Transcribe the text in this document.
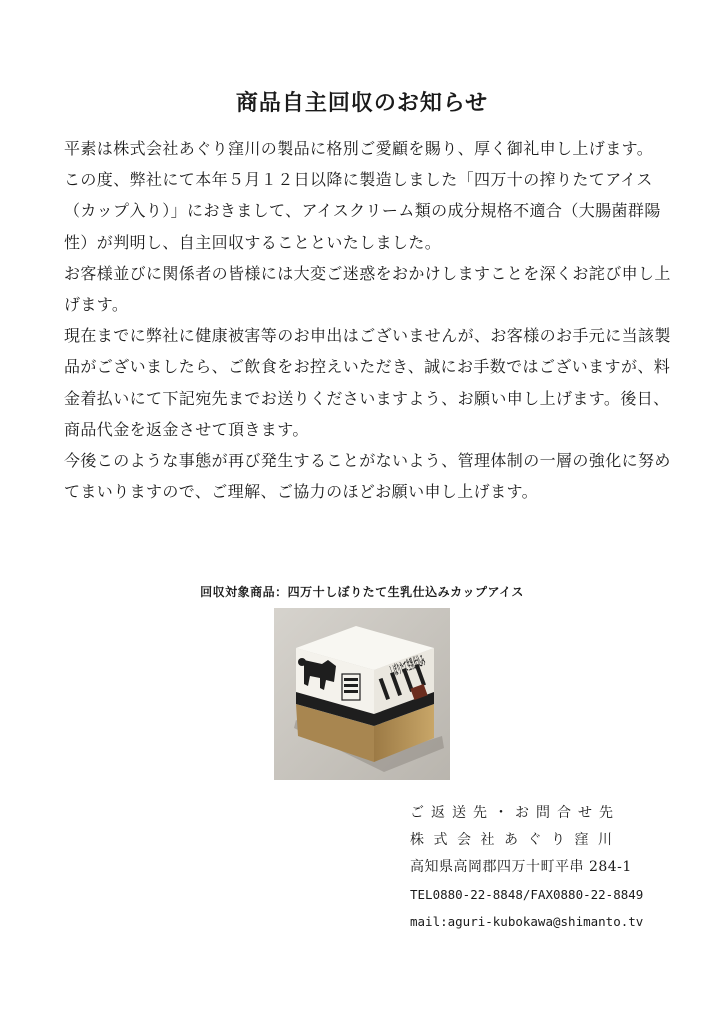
商品自主回収のお知らせ

平素は株式会社あぐり窪川の製品に格別ご愛顧を賜り、厚く御礼申し上げます。

この度、弊社にて本年５月１２日以降に製造しました「四万十の搾りたてアイス（カップ入り）」におきまして、アイスクリーム類の成分規格不適合（大腸菌群陽性）が判明し、自主回収することといたしました。

お客様並びに関係者の皆様には大変ご迷惑をおかけしますことを深くお詫び申し上げます。

現在までに弊社に健康被害等のお申出はございませんが、お客様のお手元に当該製品がございましたら、ご飲食をお控えいただき、誠にお手数ではございますが、料金着払いにて下記宛先までお送りくださいますよう、お願い申し上げます。後日、商品代金を返金させて頂きます。

今後このような事態が再び発生することがないよう、管理体制の一層の強化に努めてまいりますので、ご理解、ご協力のほどお願い申し上げます。

回収対象商品：四万十しぼりたて生乳仕込みカップアイス
しぼりたて生乳仕込み
ご返送先・お問合せ先
株式会社あぐり窪川
高知県高岡郡四万十町平串 284-1
TEL0880-22-8848/FAX0880-22-8849
mail:aguri-kubokawa@shimanto.tv
